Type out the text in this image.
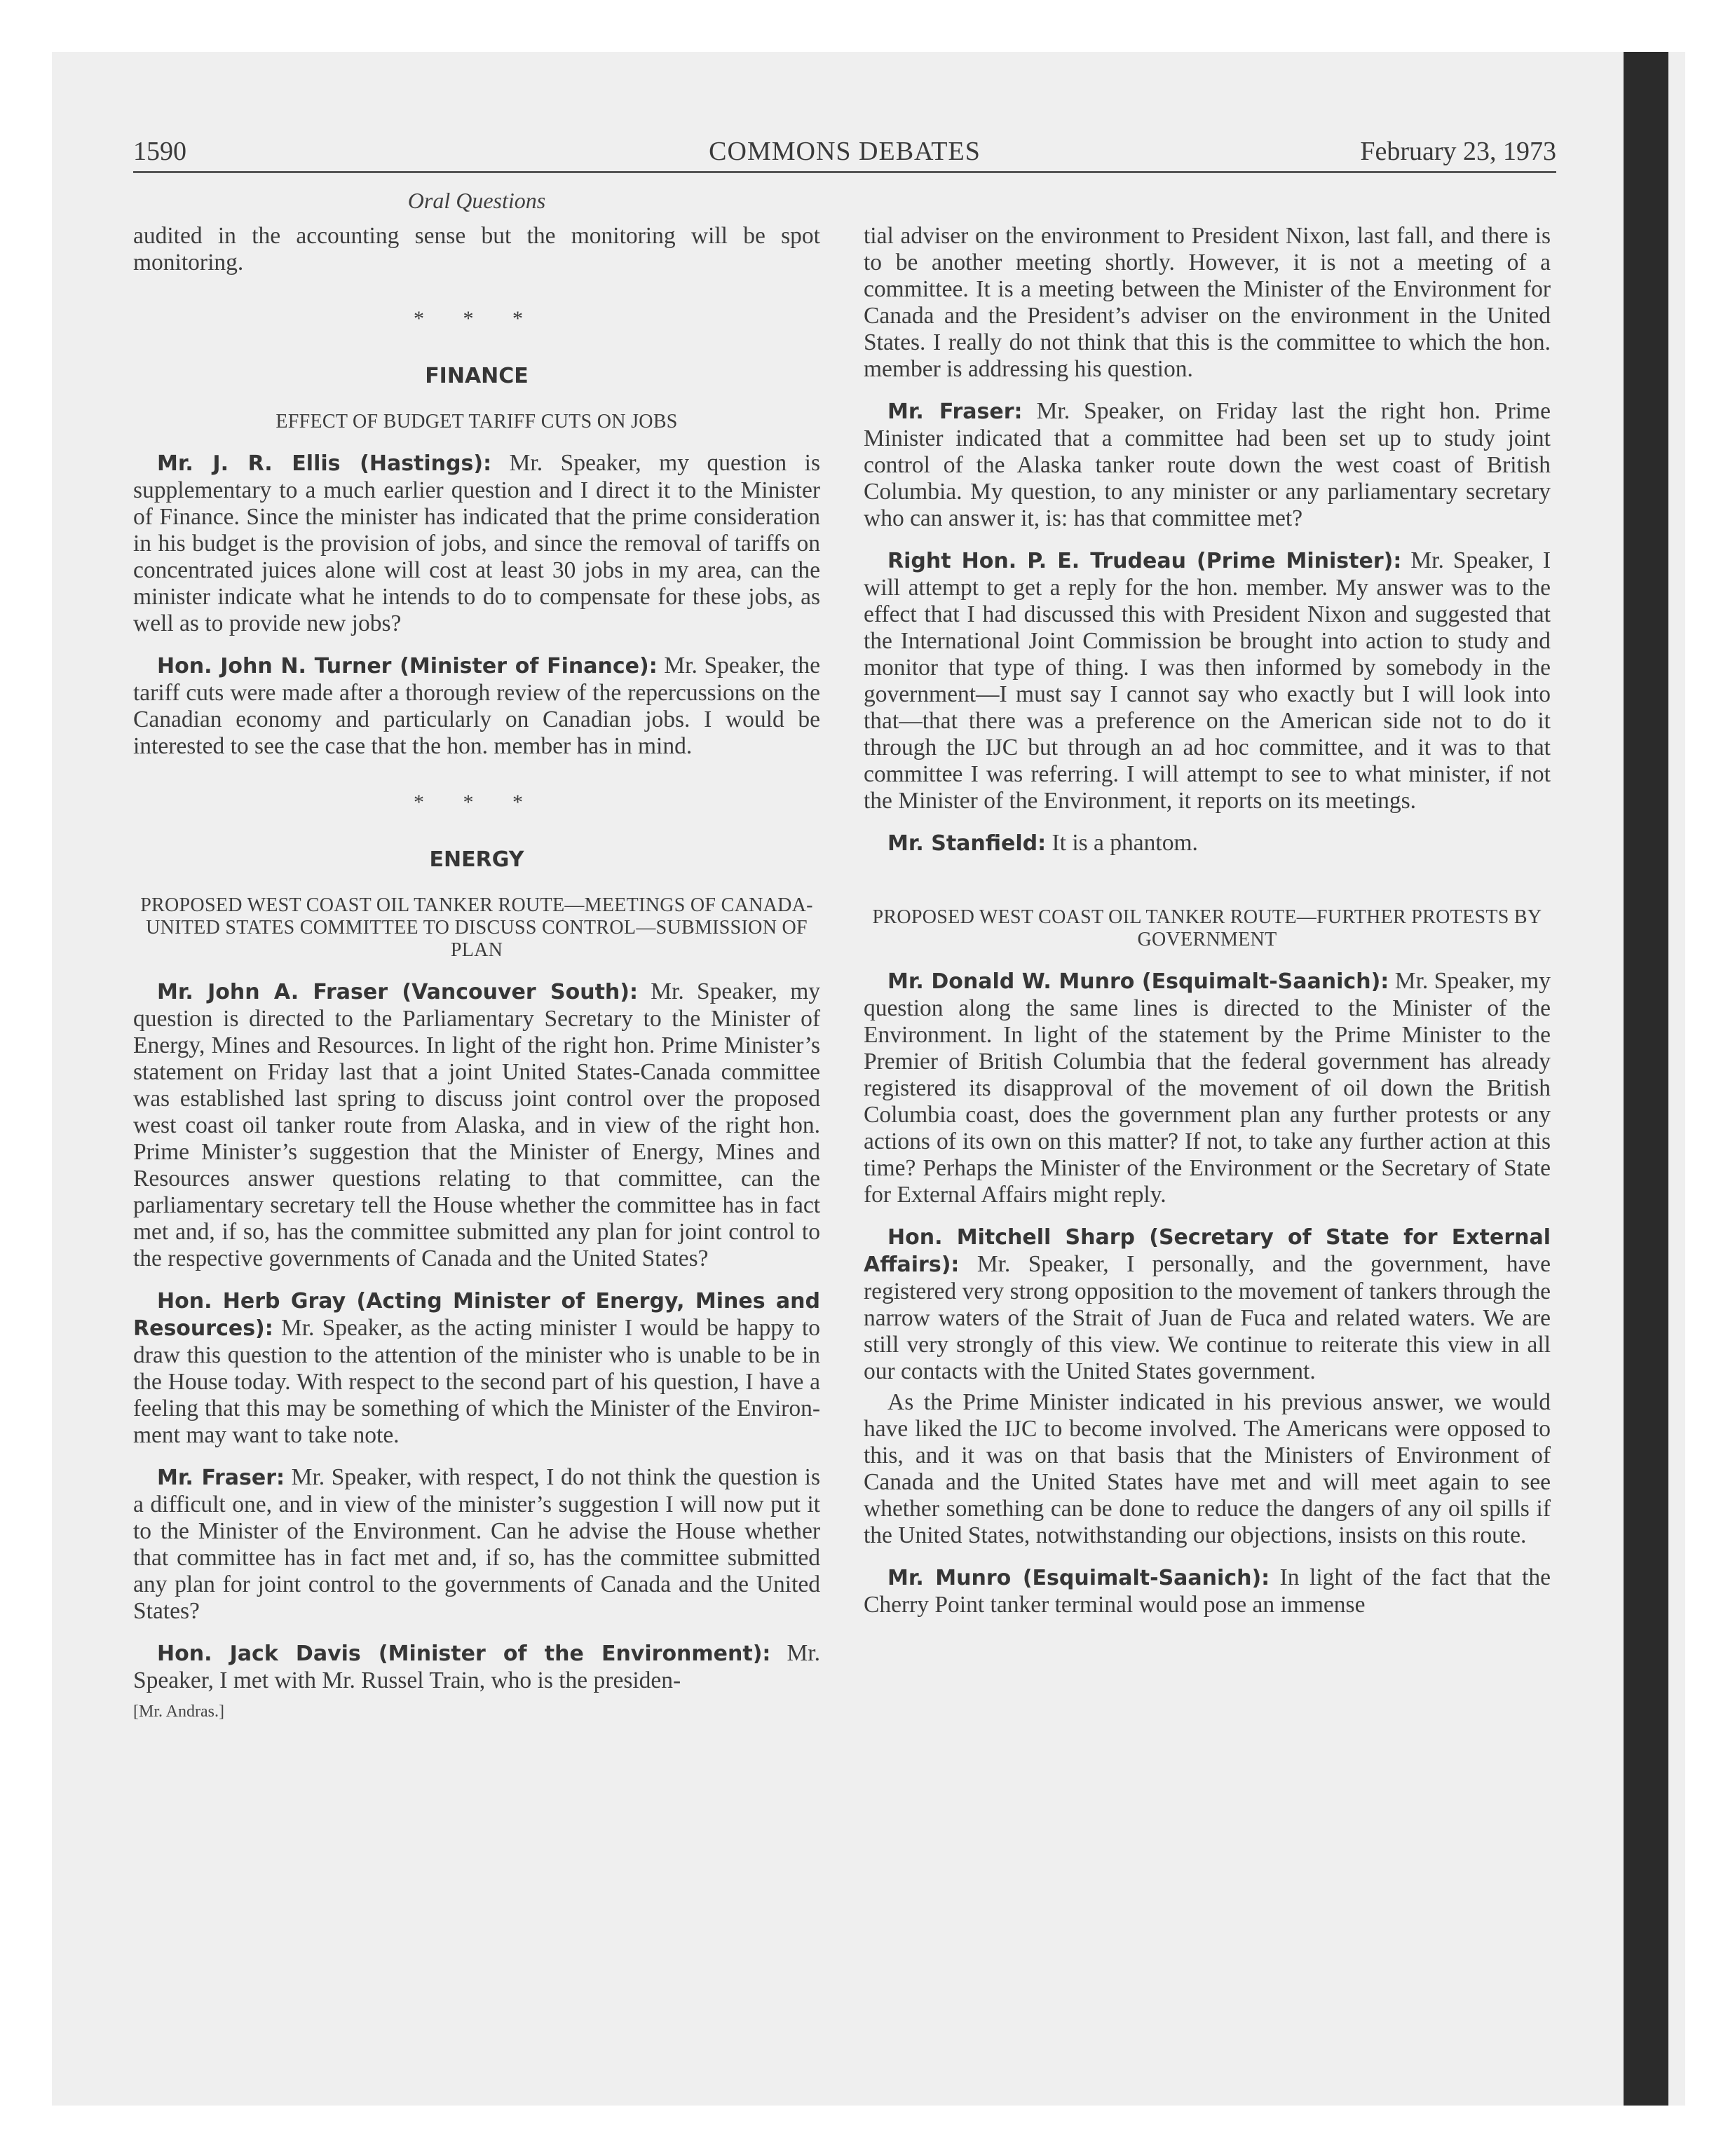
1590	COMMONS DEBATES	February 23, 1973
Oral Questions

audited in the accounting sense but the monitoring will be spot monitoring.

* * *
FINANCE
EFFECT OF BUDGET TARIFF CUTS ON JOBS

Mr. J. R. Ellis (Hastings): Mr. Speaker, my question is supplementary to a much earlier question and I direct it to the Minister of Finance. Since the minister has indicated that the prime consideration in his budget is the provision of jobs, and since the removal of tariffs on concentrated juices alone will cost at least 30 jobs in my area, can the minister indicate what he intends to do to compensate for these jobs, as well as to provide new jobs?

Hon. John N. Turner (Minister of Finance): Mr. Speaker, the tariff cuts were made after a thorough review of the repercussions on the Canadian economy and particularly on Canadian jobs. I would be interested to see the case that the hon. member has in mind.

* * *
ENERGY
PROPOSED WEST COAST OIL TANKER ROUTE—MEETINGS OF CANADA-UNITED STATES COMMITTEE TO DISCUSS CONTROL—SUBMISSION OF PLAN

Mr. John A. Fraser (Vancouver South): Mr. Speaker, my question is directed to the Parliamentary Secretary to the Minister of Energy, Mines and Resources. In light of the right hon. Prime Minister’s statement on Friday last that a joint United States-Canada committee was established last spring to discuss joint control over the proposed west coast oil tanker route from Alaska, and in view of the right hon. Prime Minister’s suggestion that the Minister of Energy, Mines and Resources answer questions relating to that committee, can the parliamentary secretary tell the House whether the committee has in fact met and, if so, has the committee submitted any plan for joint control to the respective governments of Canada and the United States?

Hon. Herb Gray (Acting Minister of Energy, Mines and Resources): Mr. Speaker, as the acting minister I would be happy to draw this question to the attention of the minister who is unable to be in the House today. With respect to the second part of his question, I have a feeling that this may be something of which the Minister of the Environment may want to take note.

Mr. Fraser: Mr. Speaker, with respect, I do not think the question is a difficult one, and in view of the minister’s suggestion I will now put it to the Minister of the Environment. Can he advise the House whether that committee has in fact met and, if so, has the committee submitted any plan for joint control to the governments of Canada and the United States?

Hon. Jack Davis (Minister of the Environment): Mr. Speaker, I met with Mr. Russel Train, who is the presiden-

[Mr. Andras.]

tial adviser on the environment to President Nixon, last fall, and there is to be another meeting shortly. However, it is not a meeting of a committee. It is a meeting between the Minister of the Environment for Canada and the President’s adviser on the environment in the United States. I really do not think that this is the committee to which the hon. member is addressing his question.

Mr. Fraser: Mr. Speaker, on Friday last the right hon. Prime Minister indicated that a committee had been set up to study joint control of the Alaska tanker route down the west coast of British Columbia. My question, to any minister or any parliamentary secretary who can answer it, is: has that committee met?

Right Hon. P. E. Trudeau (Prime Minister): Mr. Speaker, I will attempt to get a reply for the hon. member. My answer was to the effect that I had discussed this with President Nixon and suggested that the International Joint Commission be brought into action to study and monitor that type of thing. I was then informed by somebody in the government—I must say I cannot say who exactly but I will look into that—that there was a preference on the American side not to do it through the IJC but through an ad hoc committee, and it was to that committee I was referring. I will attempt to see to what minister, if not the Minister of the Environment, it reports on its meetings.

Mr. Stanfield: It is a phantom.

PROPOSED WEST COAST OIL TANKER ROUTE—FURTHER PROTESTS BY GOVERNMENT

Mr. Donald W. Munro (Esquimalt-Saanich): Mr. Speaker, my question along the same lines is directed to the Minister of the Environment. In light of the statement by the Prime Minister to the Premier of British Columbia that the federal government has already registered its disapproval of the movement of oil down the British Columbia coast, does the government plan any further protests or any actions of its own on this matter? If not, to take any further action at this time? Perhaps the Minister of the Environment or the Secretary of State for External Affairs might reply.

Hon. Mitchell Sharp (Secretary of State for External Affairs): Mr. Speaker, I personally, and the government, have registered very strong opposition to the movement of tankers through the narrow waters of the Strait of Juan de Fuca and related waters. We are still very strongly of this view. We continue to reiterate this view in all our contacts with the United States government.

As the Prime Minister indicated in his previous answer, we would have liked the IJC to become involved. The Americans were opposed to this, and it was on that basis that the Ministers of Environment of Canada and the United States have met and will meet again to see whether something can be done to reduce the dangers of any oil spills if the United States, notwithstanding our objections, insists on this route.

Mr. Munro (Esquimalt-Saanich): In light of the fact that the Cherry Point tanker terminal would pose an immense
